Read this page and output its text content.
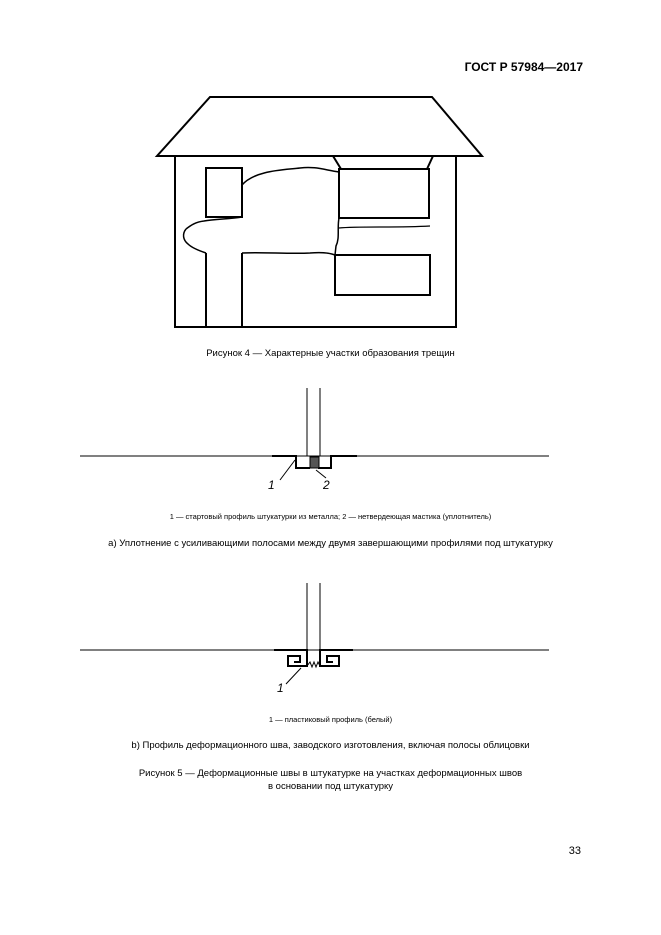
ГОСТ Р 57984—2017
Рисунок 4 — Характерные участки образования трещин
1	2
1 — стартовый профиль штукатурки из металла; 2 — нетвердеющая мастика (уплотнитель)
а) Уплотнение с усиливающими полосами между двумя завершающими профилями под штукатурку
1
1 — пластиковый профиль (белый)
b) Профиль деформационного шва, заводского изготовления, включая полосы облицовки
Рисунок 5 — Деформационные швы в штукатурке на участках деформационных швов
в основании под штукатурку
33
